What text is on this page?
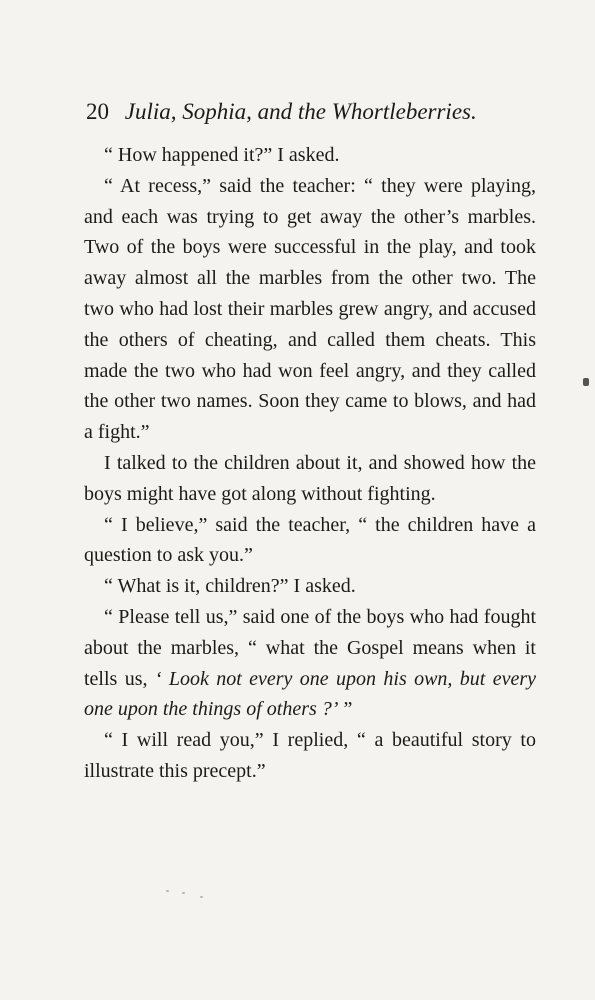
20 Julia, Sophia, and the Whortleberries.

“ How happened it?” I asked.

“ At recess,” said the teacher: “ they were playing, and each was trying to get away the other’s marbles. Two of the boys were successful in the play, and took away almost all the marbles from the other two. The two who had lost their marbles grew angry, and accused the others of cheating, and called them cheats. This made the two who had won feel angry, and they called the other two names. Soon they came to blows, and had a fight.”

I talked to the children about it, and showed how the boys might have got along without fighting.

“ I believe,” said the teacher, “ the children have a question to ask you.”

“ What is it, children?” I asked.

“ Please tell us,” said one of the boys who had fought about the marbles, “ what the Gospel means when it tells us, ‘ Look not every one upon his own, but every one upon the things of others ?’ ”

“ I will read you,” I replied, “ a beautiful story to illustrate this precept.”
